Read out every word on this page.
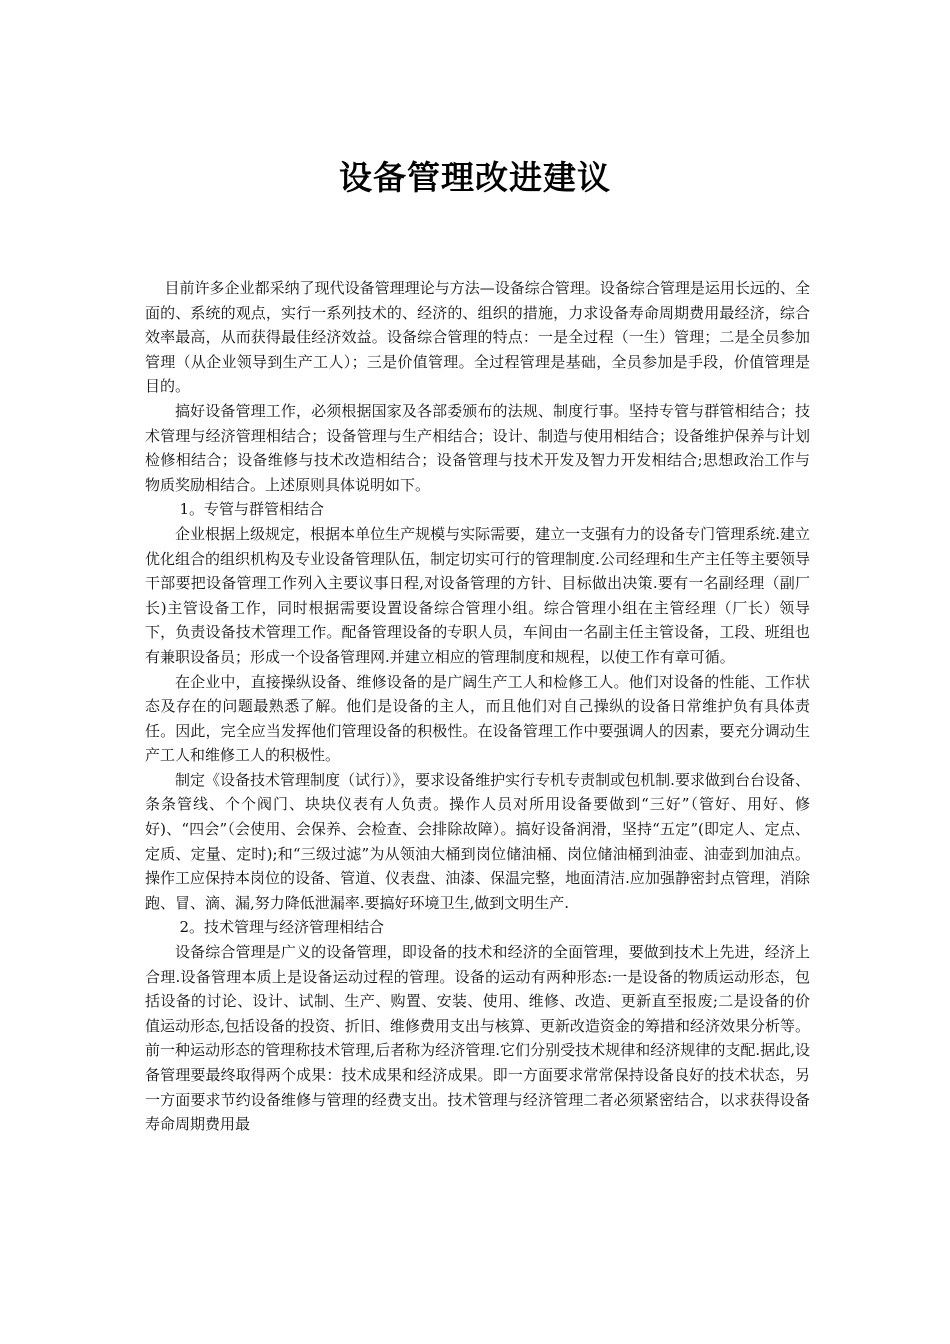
设备管理改进建议

目前许多企业都采纳了现代设备管理理论与方法—设备综合管理。设备综合管理是运用长远的、全面的、系统的观点，实行一系列技术的、经济的、组织的措施，力求设备寿命周期费用最经济，综合效率最高，从而获得最佳经济效益。设备综合管理的特点：一是全过程（一生）管理；二是全员参加管理（从企业领导到生产工人）；三是价值管理。全过程管理是基础，全员参加是手段，价值管理是目的。

搞好设备管理工作，必须根据国家及各部委颁布的法规、制度行事。坚持专管与群管相结合；技术管理与经济管理相结合；设备管理与生产相结合；设计、制造与使用相结合；设备维护保养与计划检修相结合；设备维修与技术改造相结合；设备管理与技术开发及智力开发相结合;思想政治工作与物质奖励相结合。上述原则具体说明如下。

1。专管与群管相结合

企业根据上级规定，根据本单位生产规模与实际需要，建立一支强有力的设备专门管理系统.建立优化组合的组织机构及专业设备管理队伍，制定切实可行的管理制度.公司经理和生产主任等主要领导干部要把设备管理工作列入主要议事日程,对设备管理的方针、目标做出决策.要有一名副经理（副厂长)主管设备工作，同时根据需要设置设备综合管理小组。综合管理小组在主管经理（厂长）领导下，负责设备技术管理工作。配备管理设备的专职人员，车间由一名副主任主管设备，工段、班组也有兼职设备员；形成一个设备管理网.并建立相应的管理制度和规程，以使工作有章可循。

在企业中，直接操纵设备、维修设备的是广阔生产工人和检修工人。他们对设备的性能、工作状态及存在的问题最熟悉了解。他们是设备的主人，而且他们对自己操纵的设备日常维护负有具体责任。因此，完全应当发挥他们管理设备的积极性。在设备管理工作中要强调人的因素，要充分调动生产工人和维修工人的积极性。

制定《设备技术管理制度（试行）》，要求设备维护实行专机专责制或包机制.要求做到台台设备、条条管线、个个阀门、块块仪表有人负责。操作人员对所用设备要做到“三好”（管好、用好、修好)、“四会”（会使用、会保养、会检查、会排除故障）。搞好设备润滑，坚持“五定”(即定人、定点、定质、定量、定时);和“三级过滤”为从领油大桶到岗位储油桶、岗位储油桶到油壶、油壶到加油点。操作工应保持本岗位的设备、管道、仪表盘、油漆、保温完整，地面清洁.应加强静密封点管理，消除跑、冒、滴、漏,努力降低泄漏率.要搞好环境卫生,做到文明生产.

2。技术管理与经济管理相结合

设备综合管理是广义的设备管理，即设备的技术和经济的全面管理，要做到技术上先进，经济上合理.设备管理本质上是设备运动过程的管理。设备的运动有两种形态:一是设备的物质运动形态，包括设备的讨论、设计、试制、生产、购置、安装、使用、维修、改造、更新直至报废;二是设备的价值运动形态,包括设备的投资、折旧、维修费用支出与核算、更新改造资金的筹措和经济效果分析等。前一种运动形态的管理称技术管理,后者称为经济管理.它们分别受技术规律和经济规律的支配.据此,设备管理要最终取得两个成果：技术成果和经济成果。即一方面要求常常保持设备良好的技术状态，另一方面要求节约设备维修与管理的经费支出。技术管理与经济管理二者必须紧密结合，以求获得设备寿命周期费用最
